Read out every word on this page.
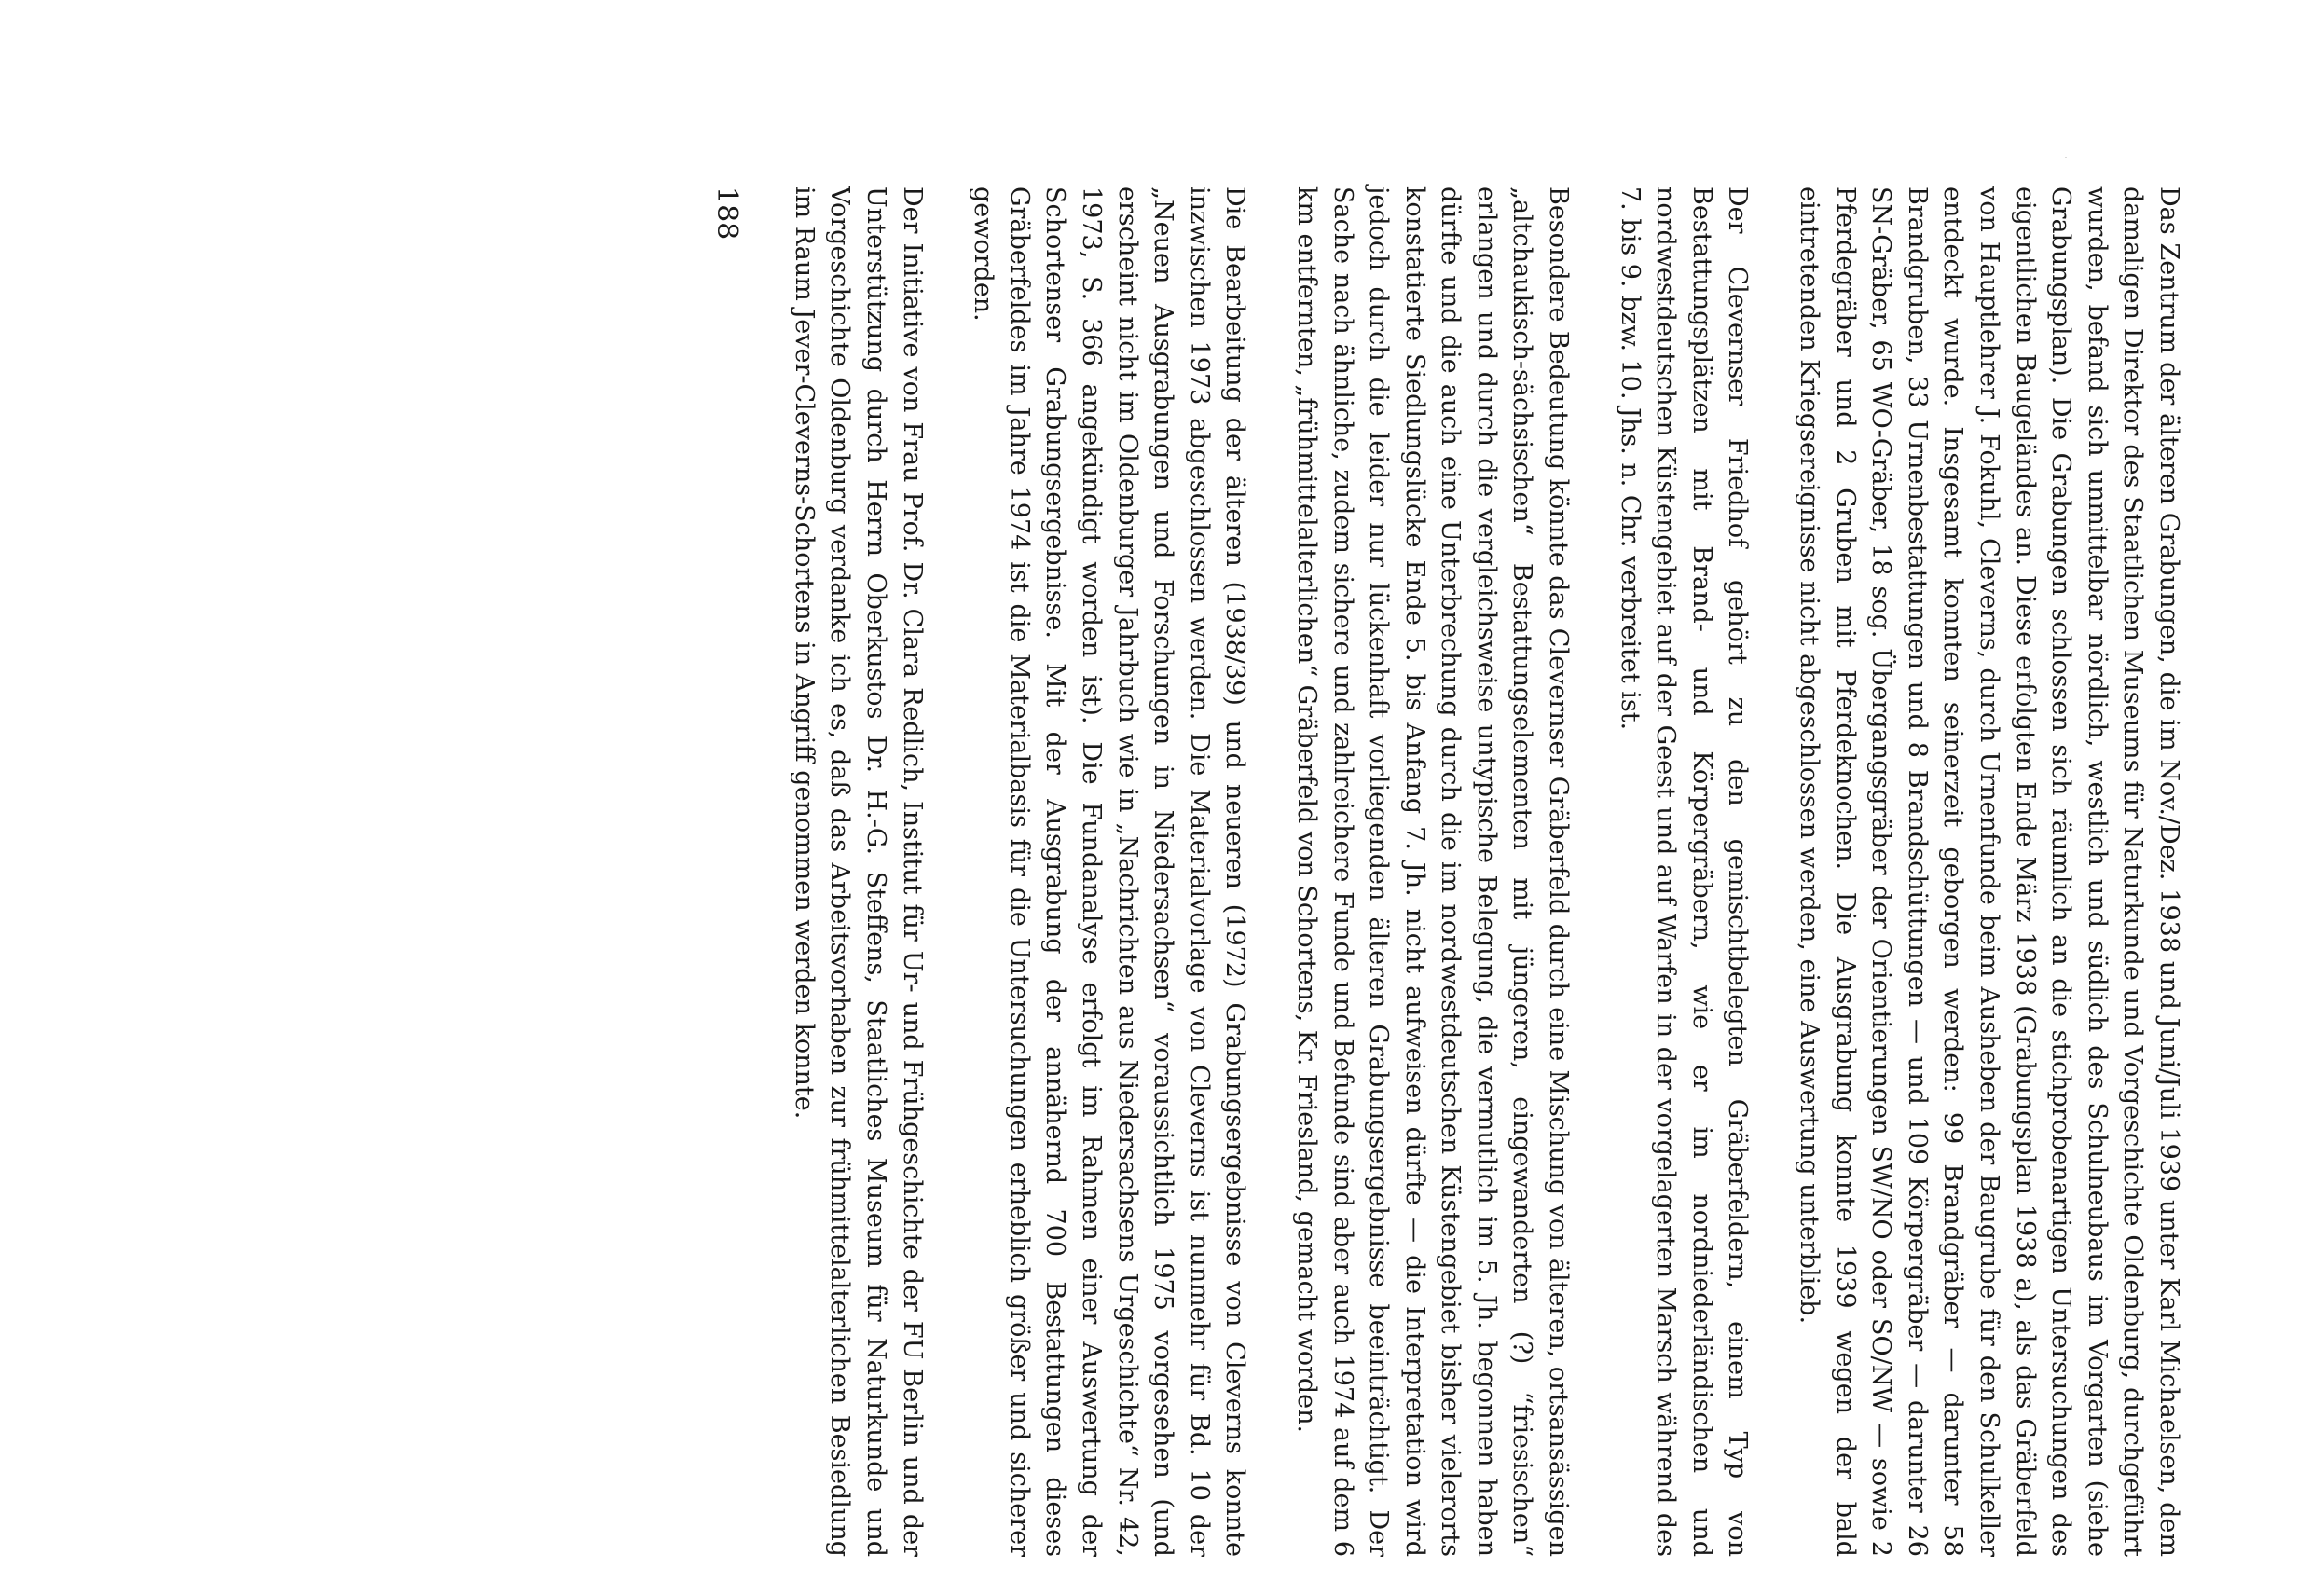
Das Zentrum der älteren Grabungen, die im Nov./Dez. 1938 und Juni/Juli 1939 unter Karl Michaelsen, dem damaligen Direktor des Staatlichen Museums für Naturkunde und Vorgeschichte Oldenburg, durchgeführt wurden, befand sich unmittelbar nördlich, westlich und südlich des Schulneubaus im Vorgarten (siehe Grabungsplan). Die Grabungen schlossen sich räumlich an die stichprobenartigen Untersuchungen des eigentlichen Baugeländes an. Diese erfolgten Ende März 1938 (Grabungsplan 1938 a), als das Gräberfeld von Hauptlehrer J. Fokuhl, Cleverns, durch Urnenfunde beim Ausheben der Baugrube für den Schulkeller entdeckt wurde. Insgesamt konnten seinerzeit geborgen werden: 99 Brandgräber — darunter 58 Brandgruben, 33 Urnenbestattungen und 8 Brandschüttungen — und 109 Körpergräber — darunter 26 SN-Gräber, 65 WO-Gräber, 18 sog. Übergangsgräber der Orientierungen SW/NO oder SO/NW — sowie 2 Pferdegräber und 2 Gruben mit Pferdeknochen. Die Ausgrabung konnte 1939 wegen der bald eintretenden Kriegsereignisse nicht abgeschlossen werden, eine Auswertung unterblieb.

Der Clevernser Friedhof gehört zu den gemischtbelegten Gräberfeldern, einem Typ von Bestattungsplätzen mit Brand- und Körpergräbern, wie er im nordniederländischen und nordwestdeutschen Küstengebiet auf der Geest und auf Warfen in der vorgelagerten Marsch während des 7. bis 9. bzw. 10. Jhs. n. Chr. verbreitet ist.

Besondere Bedeutung könnte das Clevernser Gräberfeld durch eine Mischung von älteren, ortsansässigen „altchaukisch-sächsischen“ Bestattungselementen mit jüngeren, eingewanderten (?) “friesischen“ erlangen und durch die vergleichsweise untypische Belegung, die vermutlich im 5. Jh. begonnen haben dürfte und die auch eine Unterbrechung durch die im nordwestdeutschen Küstengebiet bisher vielerorts konstatierte Siedlungslücke Ende 5. bis Anfang 7. Jh. nicht aufweisen dürfte — die Interpretation wird jedoch durch die leider nur lückenhaft vorliegenden älteren Grabungsergebnisse beeinträchtigt. Der Sache nach ähnliche, zudem sichere und zahlreichere Funde und Befunde sind aber auch 1974 auf dem 6 km entfernten, „frühmittelalterlichen“ Gräberfeld von Schortens, Kr. Friesland, gemacht worden.

Die Bearbeitung der älteren (1938/39) und neueren (1972) Grabungsergebnisse von Cleverns konnte inzwischen 1973 abgeschlossen werden. Die Materialvorlage von Cleverns ist nunmehr für Bd. 10 der „Neuen Ausgrabungen und Forschungen in Niedersachsen“ voraussichtlich 1975 vorgesehen (und erscheint nicht im Oldenburger Jahrbuch wie in „Nachrichten aus Niedersachsens Urgeschichte“ Nr. 42, 1973, S. 366 angekündigt worden ist). Die Fundanalyse erfolgt im Rahmen einer Auswertung der Schortenser Grabungsergebnisse. Mit der Ausgrabung der annähernd 700 Bestattungen dieses Gräberfeldes im Jahre 1974 ist die Materialbasis für die Untersuchungen erheblich größer und sicherer geworden.

Der Initiative von Frau Prof. Dr. Clara Redlich, Institut für Ur- und Frühgeschichte der FU Berlin und der Unterstützung durch Herrn Oberkustos Dr. H.-G. Steffens, Staatliches Museum für Naturkunde und Vorgeschichte Oldenburg verdanke ich es, daß das Arbeitsvorhaben zur frühmittelalterlichen Besiedlung im Raum Jever-Cleverns-Schortens in Angriff genommen werden konnte.

188
